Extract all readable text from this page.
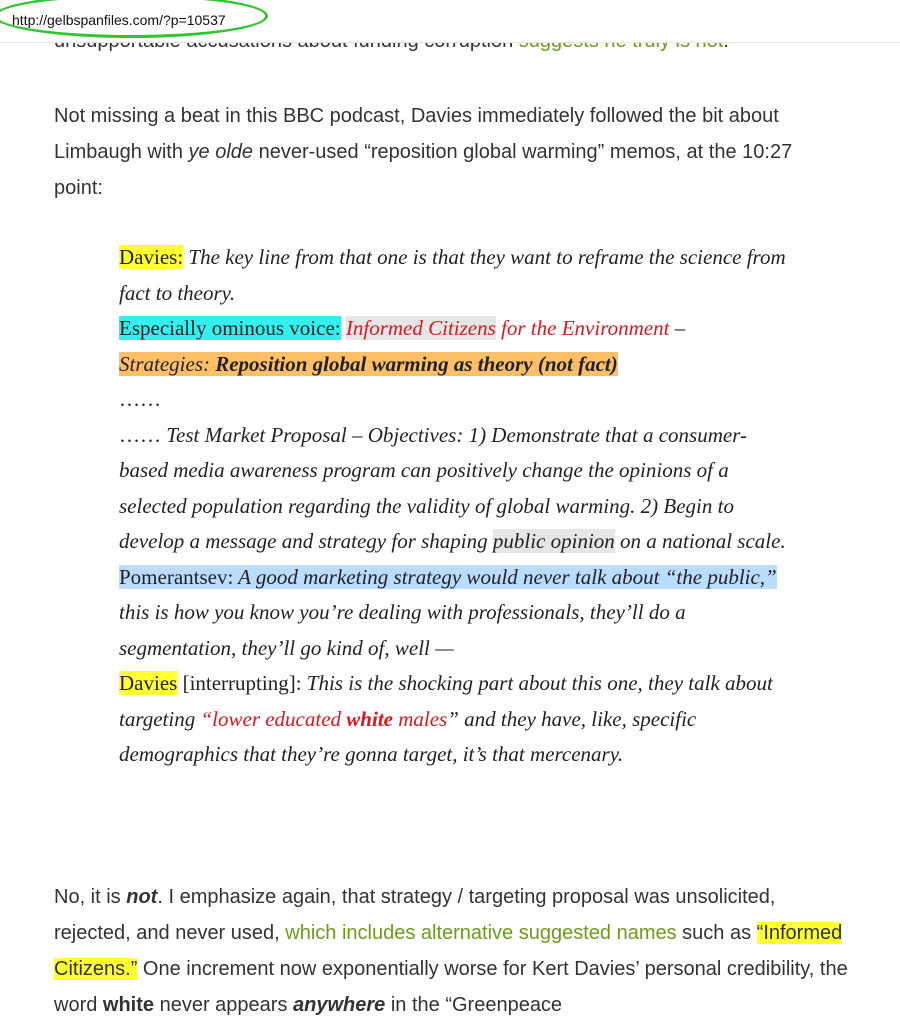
http://gelbspanfiles.com/?p=10537
Not missing a beat in this BBC podcast, Davies immediately followed the bit about Limbaugh with ye olde never-used “reposition global warming” memos, at the 10:27 point:
Davies: The key line from that one is that they want to reframe the science from fact to theory.
Especially ominous voice: Informed Citizens for the Environment –
Strategies: Reposition global warming as theory (not fact)
……
…… Test Market Proposal – Objectives: 1) Demonstrate that a consumer-based media awareness program can positively change the opinions of a selected population regarding the validity of global warming. 2) Begin to develop a message and strategy for shaping public opinion on a national scale.
Pomerantsev: A good marketing strategy would never talk about “the public,” this is how you know you’re dealing with professionals, they’ll do a segmentation, they’ll go kind of, well —
Davies [interrupting]: This is the shocking part about this one, they talk about targeting “lower educated white males” and they have, like, specific demographics that they’re gonna target, it’s that mercenary.
No, it is not. I emphasize again, that strategy / targeting proposal was unsolicited, rejected, and never used, which includes alternative suggested names such as “Informed Citizens.” One increment now exponentially worse for Kert Davies’ personal credibility, the word white never appears anywhere in the “Greenpeace
